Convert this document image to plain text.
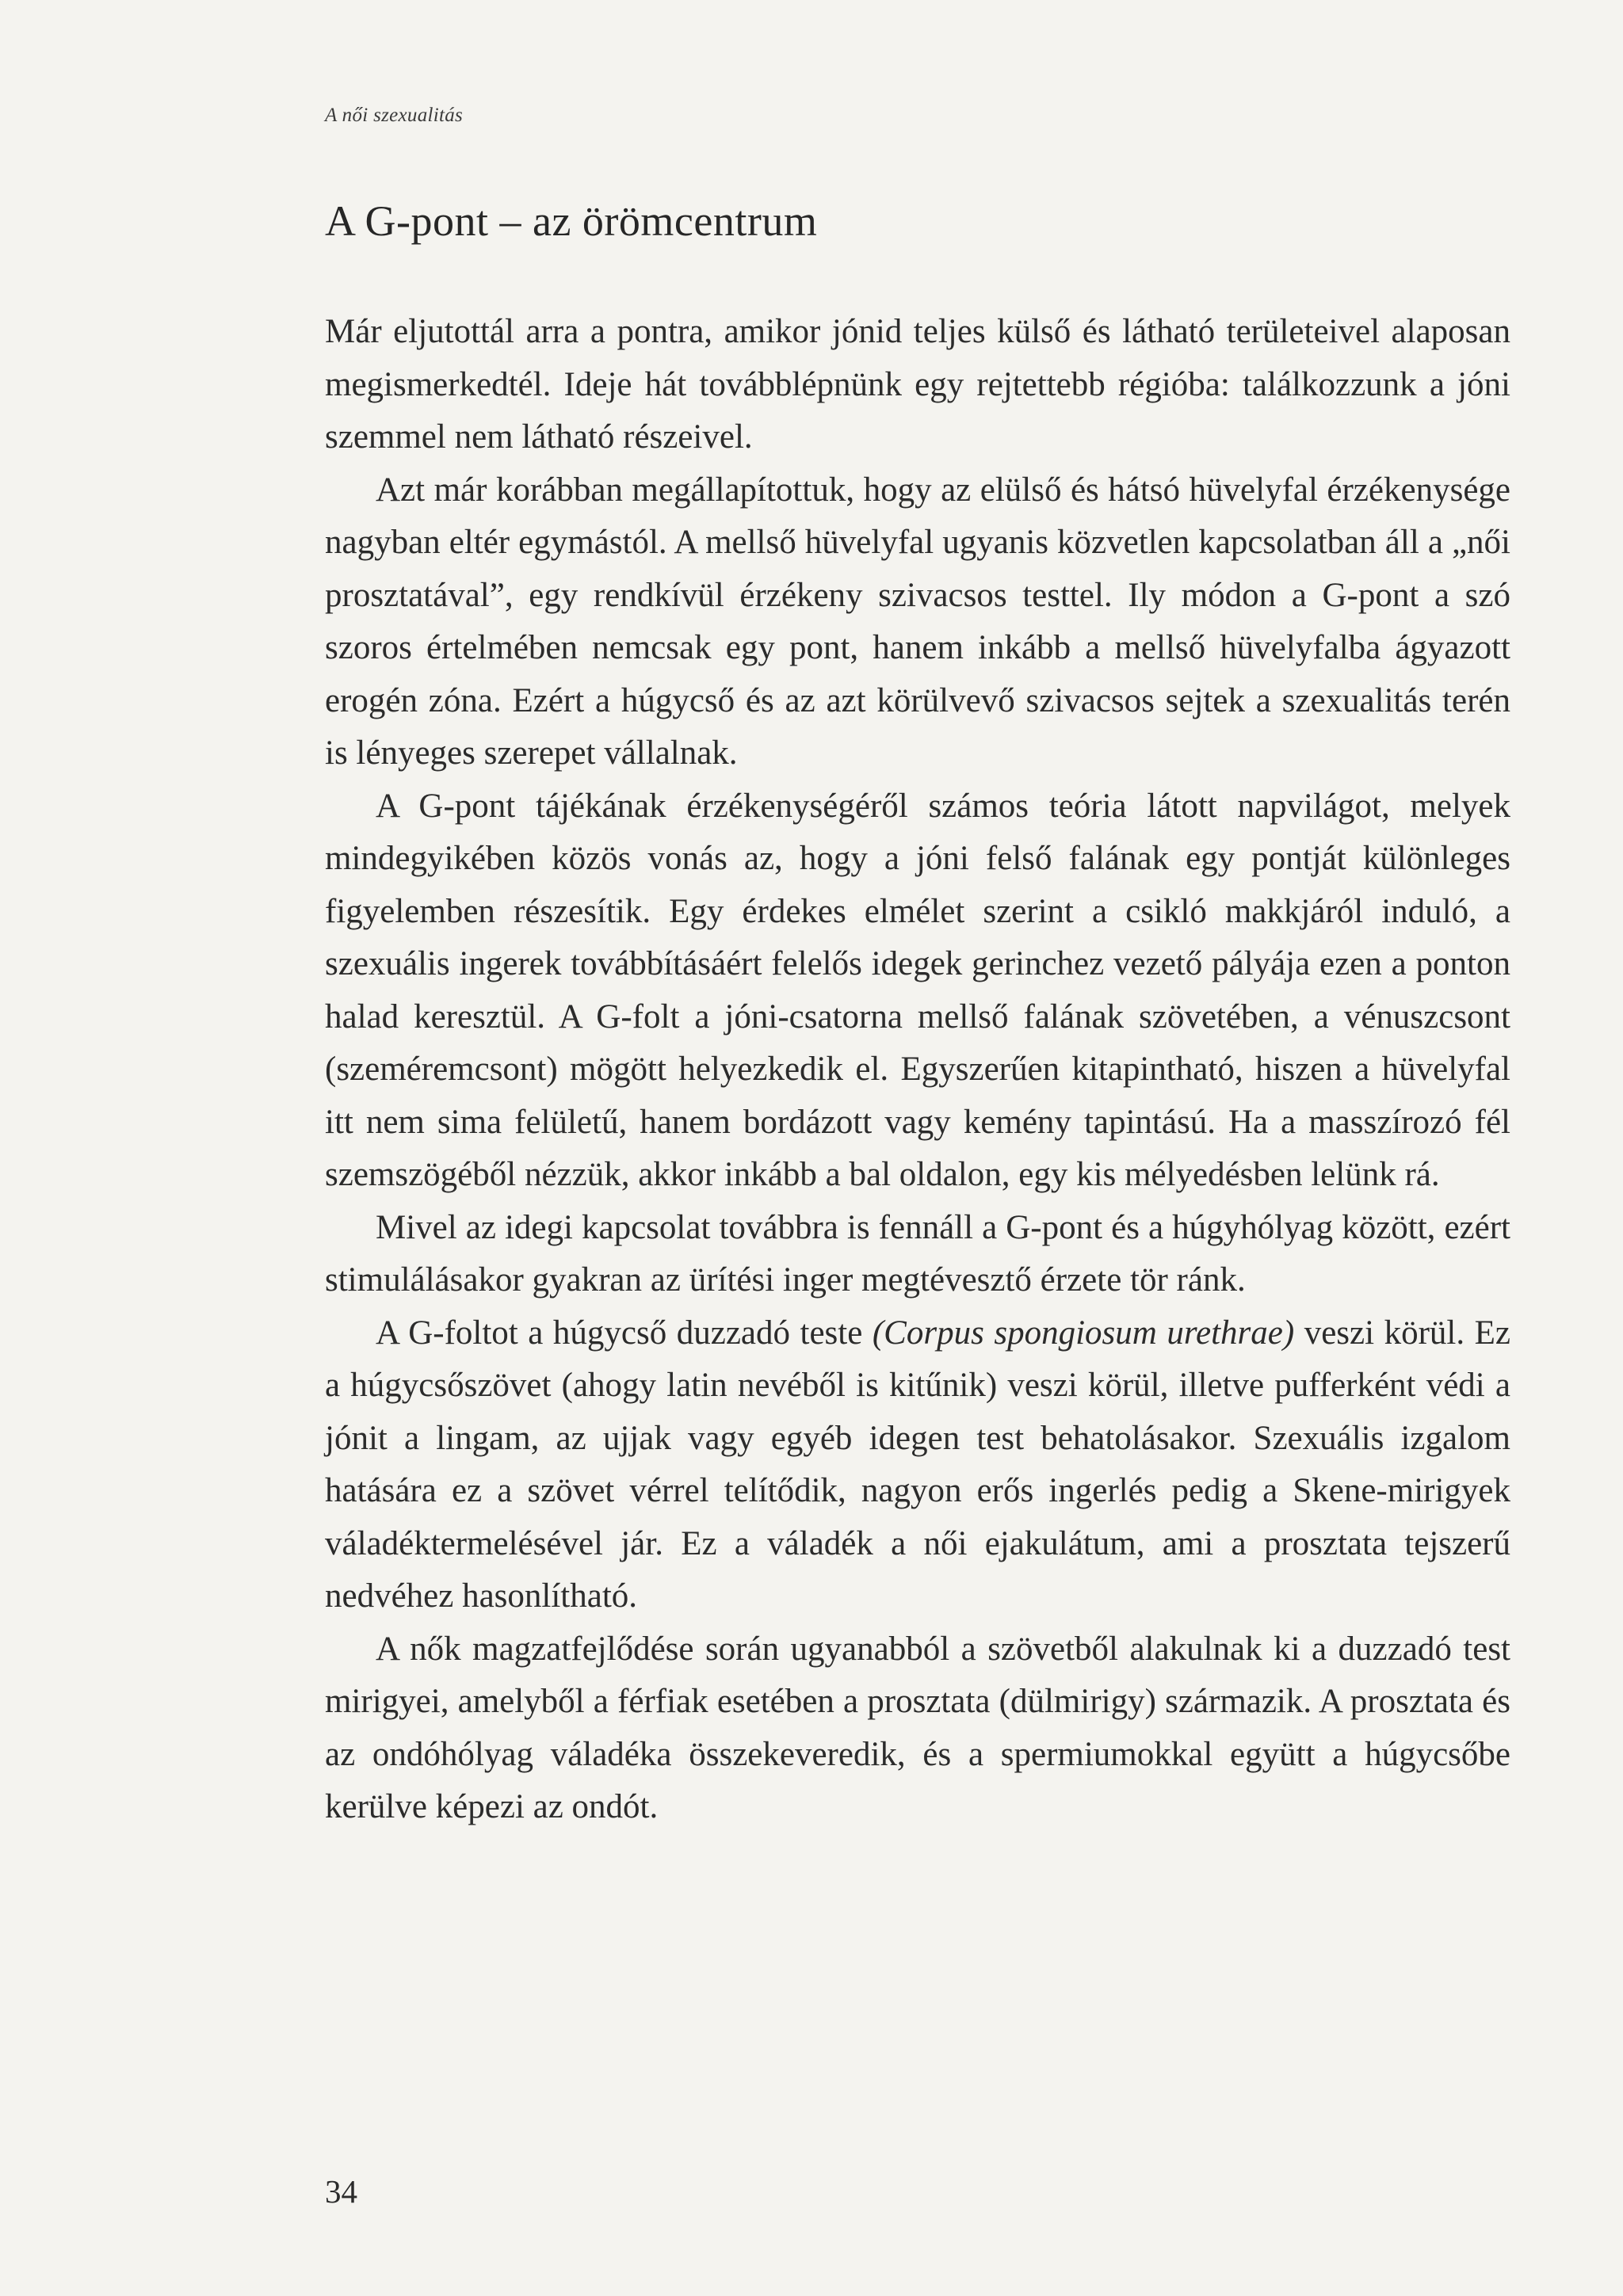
A női szexualitás
A G-pont – az örömcentrum

Már eljutottál arra a pontra, amikor jónid teljes külső és látható területeivel alaposan megismerkedtél. Ideje hát továbblépnünk egy rejtettebb régióba: találkozzunk a jóni szemmel nem látható részeivel.

Azt már korábban megállapítottuk, hogy az elülső és hátsó hüvelyfal érzékenysége nagyban eltér egymástól. A mellső hüvelyfal ugyanis közvetlen kapcsolatban áll a „női prosztatával”, egy rendkívül érzékeny szivacsos testtel. Ily módon a G-pont a szó szoros értelmében nemcsak egy pont, hanem inkább a mellső hüvelyfalba ágyazott erogén zóna. Ezért a húgycső és az azt körülvevő szivacsos sejtek a szexualitás terén is lényeges szerepet vállalnak.

A G-pont tájékának érzékenységéről számos teória látott napvilágot, melyek mindegyikében közös vonás az, hogy a jóni felső falának egy pontját különleges figyelemben részesítik. Egy érdekes elmélet szerint a csikló makkjáról induló, a szexuális ingerek továbbításáért felelős idegek gerinchez vezető pályája ezen a ponton halad keresztül. A G-folt a jóni-csatorna mellső falának szövetében, a vénuszcsont (szeméremcsont) mögött helyezkedik el. Egyszerűen kitapintható, hiszen a hüvelyfal itt nem sima felületű, hanem bordázott vagy kemény tapintású. Ha a masszírozó fél szemszögéből nézzük, akkor inkább a bal oldalon, egy kis mélyedésben lelünk rá.

Mivel az idegi kapcsolat továbbra is fennáll a G-pont és a húgyhólyag között, ezért stimulálásakor gyakran az ürítési inger megtévesztő érzete tör ránk.

A G-foltot a húgycső duzzadó teste (Corpus spongiosum urethrae) veszi körül. Ez a húgycsőszövet (ahogy latin nevéből is kitűnik) veszi körül, illetve pufferként védi a jónit a lingam, az ujjak vagy egyéb idegen test behatolásakor. Szexuális izgalom hatására ez a szövet vérrel telítődik, nagyon erős ingerlés pedig a Skene-mirigyek váladéktermelésével jár. Ez a váladék a női ejakulátum, ami a prosztata tejszerű nedvéhez hasonlítható.

A nők magzatfejlődése során ugyanabból a szövetből alakulnak ki a duzzadó test mirigyei, amelyből a férfiak esetében a prosztata (dülmirigy) származik. A prosztata és az ondóhólyag váladéka összekeveredik, és a spermiumokkal együtt a húgycsőbe kerülve képezi az ondót.

34
